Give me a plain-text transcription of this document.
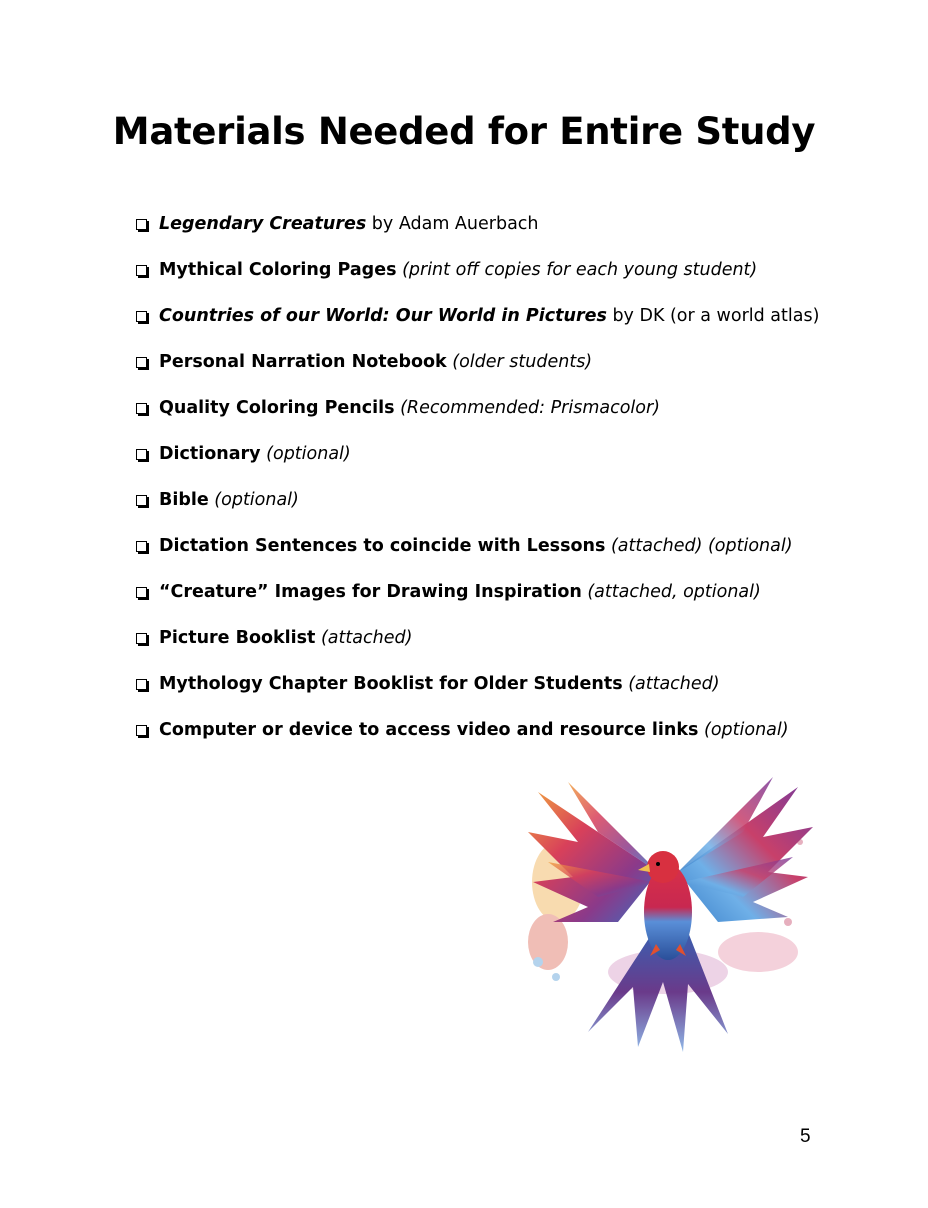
Materials Needed for Entire Study
Legendary Creatures by Adam Auerbach
Mythical Coloring Pages (print off copies for each young student)
Countries of our World: Our World in Pictures by DK (or a world atlas)
Personal Narration Notebook (older students)
Quality Coloring Pencils (Recommended: Prismacolor)
Dictionary (optional)
Bible (optional)
Dictation Sentences to coincide with Lessons (attached) (optional)
“Creature” Images for Drawing Inspiration (attached, optional)
Picture Booklist (attached)
Mythology Chapter Booklist for Older Students (attached)
Computer or device to access video and resource links (optional)
5
